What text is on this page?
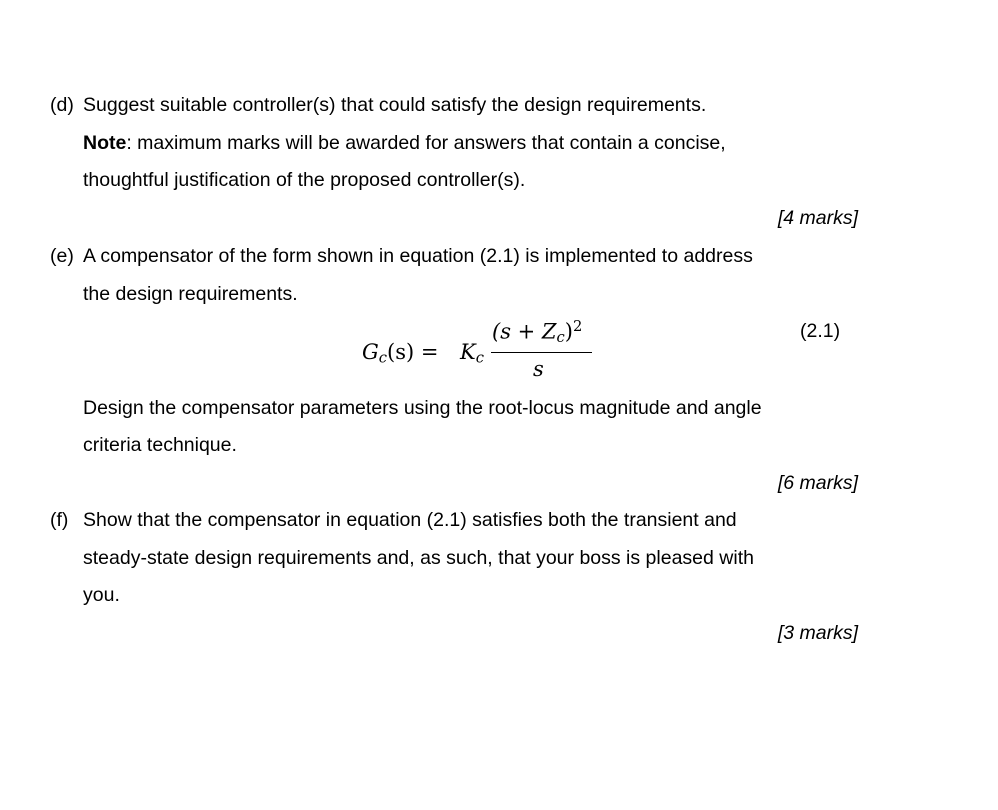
(d) Suggest suitable controller(s) that could satisfy the design requirements.
Note: maximum marks will be awarded for answers that contain a concise,
thoughtful justification of the proposed controller(s).
[4 marks]
(e) A compensator of the form shown in equation (2.1) is implemented to address
the design requirements.
$G_c(s) = K_c$
$(s + Z_c)^2$
s
(2.1)
Design the compensator parameters using the root-locus magnitude and angle
criteria technique.
[6 marks]
(f) Show that the compensator in equation (2.1) satisfies both the transient and
steady-state design requirements and, as such, that your boss is pleased with
you.
[3 marks]
